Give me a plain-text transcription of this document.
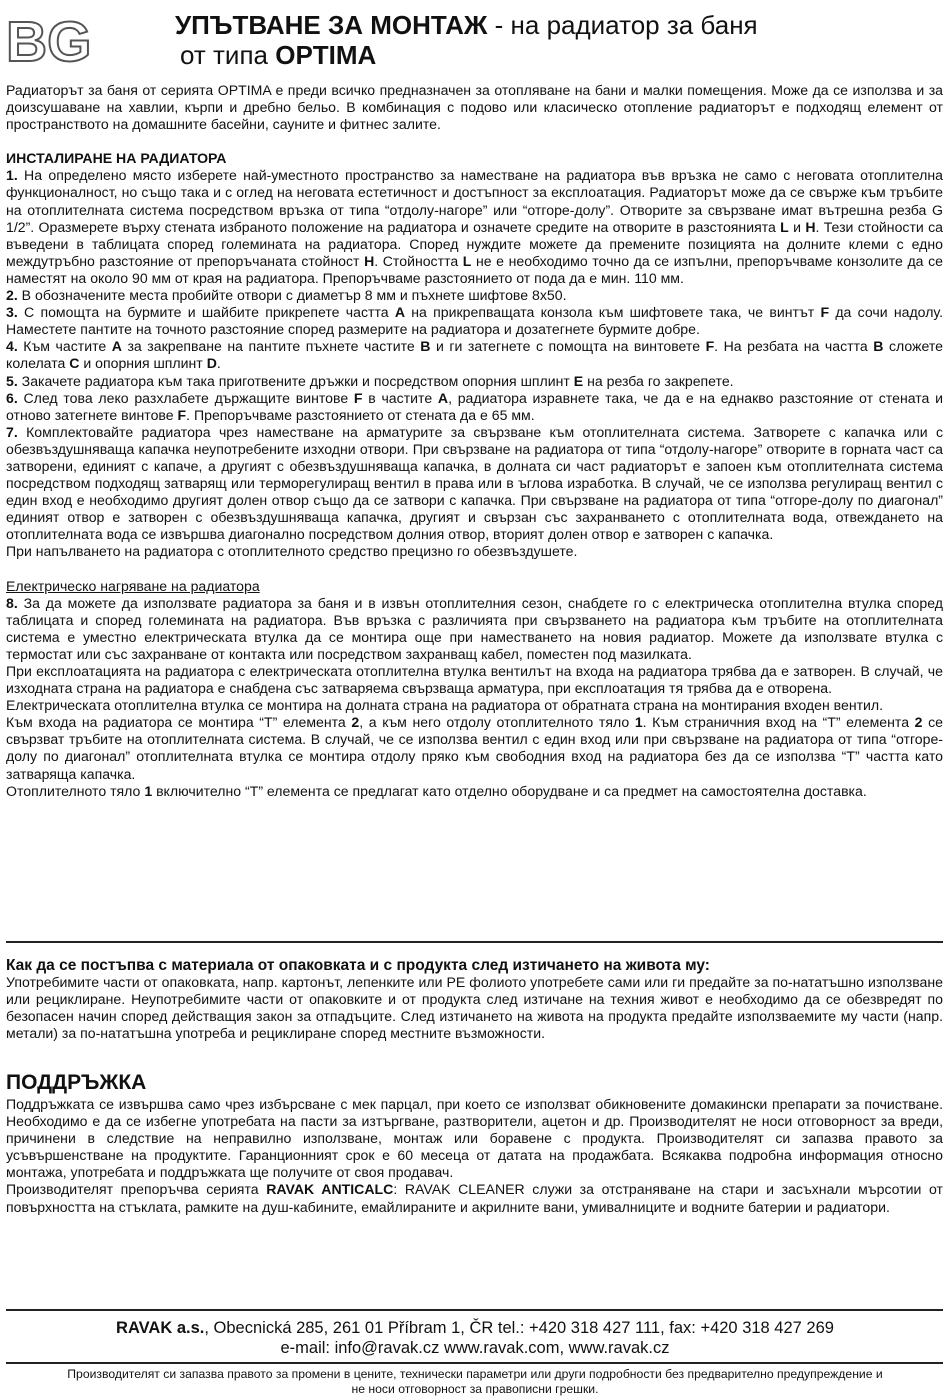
BG	УПЪТВАНЕ ЗА МОНТАЖ - на радиатор за баня
от типа OPTIMA

Радиаторът за баня от серията OPTIMA е преди всичко предназначен за отопляване на бани и малки помещения. Може да се използва и за доизсушаване на хавлии, кърпи и дребно бельо. В комбинация с подово или класическо отопление радиаторът е подходящ елемент от пространството на домашните басейни, сауните и фитнес залите.

ИНСТАЛИРАНЕ НА РАДИАТОРА

1. На определено място изберете най-уместното пространство за наместване на радиатора във връзка не само с неговата отоплителна функционалност, но също така и с оглед на неговата естетичност и достъпност за експлоатация. Радиаторът може да се свърже към тръбите на отоплителната система посредством връзка от типа “отдолу-нагоре” или “отгоре-долу”. Отворите за свързване имат вътрешна резба G 1/2”. Оразмерете върху стената избраното положение на радиатора и означете средите на отворите в разстоянията L и H. Тези стойности са въведени в таблицата според големината на радиатора. Според нуждите можете да премените позицията на долните клеми с едно междутръбно разстояние от препоръчаната стойност H. Стойността L не е необходимо точно да се изпълни, препоръчваме конзолите да се наместят на около 90 мм от края на радиатора. Препоръчваме разстоянието от пода да е мин. 110 мм.

2. В обозначените места пробийте отвори с диаметър 8 мм и пъхнете шифтове 8х50.

3. С помощта на бурмите и шайбите прикрепете частта A на прикрепващата конзола към шифтовете така, че винтът F да сочи надолу. Наместете пантите на точното разстояние според размерите на радиатора и дозатегнете бурмите добре.

4. Към частите A за закрепване на пантите пъхнете частите B и ги затегнете с помощта на винтовете F. На резбата на частта B сложете колелата C и опорния шплинт D.

5. Закачете радиатора към така приготвените дръжки и посредством опорния шплинт E на резба го закрепете.

6. След това леко разхлабете държащите винтове F в частите A, радиатора изравнете така, че да е на еднакво разстояние от стената и отново затегнете винтове F. Препоръчваме разстоянието от стената да е 65 мм.

7. Комплектовайте радиатора чрез наместване на арматурите за свързване към отоплителната система. Затворете с капачка или с обезвъздушняваща капачка неупотребените изходни отвори. При свързване на радиатора от типа “отдолу-нагоре” отворите в горната част са затворени, единият с капаче, а другият с обезвъздушняваща капачка, в долната си част радиаторът е запоен към отоплителната система посредством подходящ затварящ или терморегулиращ вентил в права или в ъглова изработка. В случай, че се използва регулиращ вентил с един вход е необходимо другият долен отвор също да се затвори с капачка. При свързване на радиатора от типа “отгоре-долу по диагонал” единият отвор е затворен с обезвъздушняваща капачка, другият и свързан със захранването с отоплителната вода, отвеждането на отоплителната вода се извършва диагонално посредством долния отвор, вторият долен отвор е затворен с капачка.

При напълването на радиатора с отоплителното средство прецизно го обезвъздушете.

Електрическо нагряване на радиатора

8. За да можете да използвате радиатора за баня и в извън отоплителния сезон, снабдете го с електрическа отоплителна втулка според таблицата и според големината на радиатора. Във връзка с различията при свързването на радиатора към тръбите на отоплителната система е уместно електрическата втулка да се монтира още при наместването на новия радиатор. Можете да използвате втулка с термостат или със захранване от контакта или посредством захранващ кабел, поместен под мазилката.

При експлоатацията на радиатора с електрическата отоплителна втулка вентилът на входа на радиатора трябва да е затворен. В случай, че изходната страна на радиатора е снабдена със затваряема свързваща арматура, при експлоатация тя трябва да е отворена.

Електрическата отоплителна втулка се монтира на долната страна на радиатора от обратната страна на монтирания входен вентил.

Към входа на радиатора се монтира “T” елемента 2, а към него отдолу отоплителното тяло 1. Към страничния вход на “T” елемента 2 се свързват тръбите на отоплителната система. В случай, че се използва вентил с един вход или при свързване на радиатора от типа “отгоре-долу по диагонал” отоплителната втулка се монтира отдолу пряко към свободния вход на радиатора без да се използва “T” частта като затваряща капачка.

Отоплителното тяло 1 включително “T” елемента се предлагат като отделно оборудване и са предмет на самостоятелна доставка.

Как да се постъпва с материала от опаковката и с продукта след изтичането на живота му:

Употребимите части от опаковката, напр. картонът, лепенките или PE фолиото употребете сами или ги предайте за по-нататъшно използване или рециклиране. Неупотребимите части от опаковките и от продукта след изтичане на техния живот е необходимо да се обезвредят по безопасен начин според действащия закон за отпадъците. След изтичането на живота на продукта предайте използваемите му части (напр. метали) за по-нататъшна употреба и рециклиране според местните възможности.

ПОДДРЪЖКА

Поддръжката се извършва само чрез избърсване с мек парцал, при което се използват обикновените домакински препарати за почистване. Необходимо е да се избегне употребата на пасти за изтъргване, разтворители, ацетон и др. Производителят не носи отговорност за вреди, причинени в следствие на неправилно използване, монтаж или боравене с продукта. Производителят си запазва правото за усъвършенстване на продуктите. Гаранционният срок е 60 месеца от датата на продажбата. Всякаква подробна информация относно монтажа, употребата и поддръжката ще получите от своя продавач.

Производителят препоръчва серията RAVAK ANTICALC: RAVAK CLEANER служи за отстраняване на стари и засъхнали мърсотии от повърхността на стъклата, рамките на душ-кабините, емайлираните и акрилните вани, умивалниците и водните батерии и радиатори.

RAVAK a.s., Obecnická 285, 261 01 Příbram 1, ČR tel.: +420 318 427 111, fax: +420 318 427 269
e-mail: info@ravak.cz www.ravak.com, www.ravak.cz
Производителят си запазва правото за промени в цените, технически параметри или други подробности без предварително предупреждение и не носи отговорност за правописни грешки.
